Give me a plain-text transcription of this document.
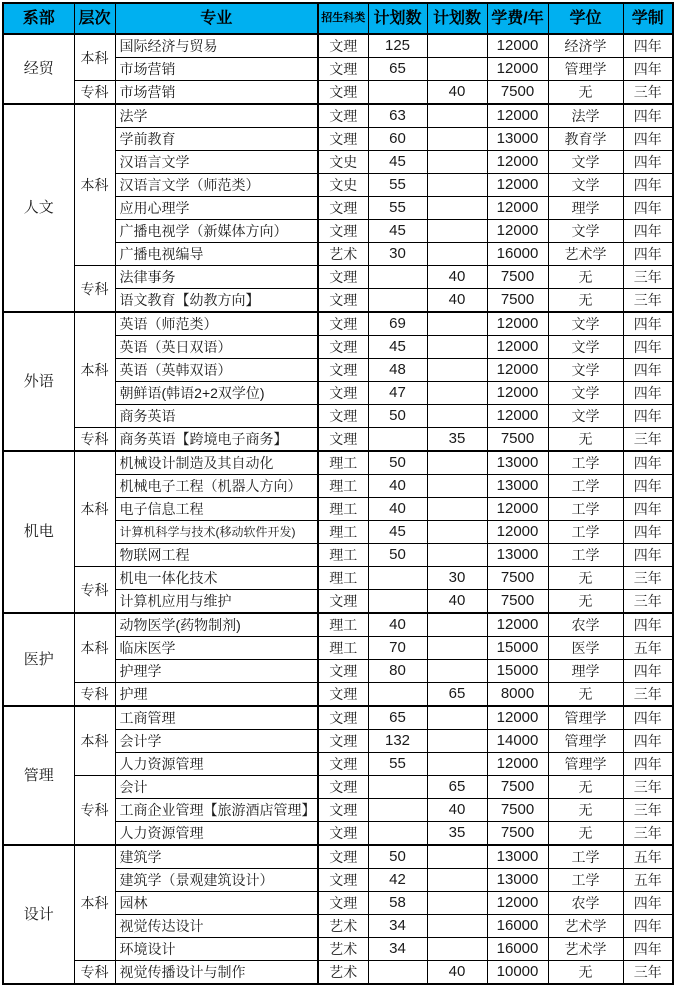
系部	层次	专业	招生科类	计划数	计划数	学费/年	学位	学制
经贸	本科	国际经济与贸易	文理	125		12000	经济学	四年
		市场营销	文理	65		12000	管理学	四年
	专科	市场营销	文理		40	7500	无	三年
人文	本科	法学	文理	63		12000	法学	四年
		学前教育	文理	60		13000	教育学	四年
		汉语言文学	文史	45		12000	文学	四年
		汉语言文学（师范类）	文史	55		12000	文学	四年
		应用心理学	文理	55		12000	理学	四年
		广播电视学（新媒体方向）	文理	45		12000	文学	四年
		广播电视编导	艺术	30		16000	艺术学	四年
	专科	法律事务	文理		40	7500	无	三年
		语文教育【幼教方向】	文理		40	7500	无	三年
外语	本科	英语（师范类）	文理	69		12000	文学	四年
		英语（英日双语）	文理	45		12000	文学	四年
		英语（英韩双语）	文理	48		12000	文学	四年
		朝鲜语(韩语2+2双学位)	文理	47		12000	文学	四年
		商务英语	文理	50		12000	文学	四年
	专科	商务英语【跨境电子商务】	文理		35	7500	无	三年
机电	本科	机械设计制造及其自动化	理工	50		13000	工学	四年
		机械电子工程（机器人方向）	理工	40		13000	工学	四年
		电子信息工程	理工	40		12000	工学	四年
		计算机科学与技术(移动软件开发)	理工	45		12000	工学	四年
		物联网工程	理工	50		13000	工学	四年
	专科	机电一体化技术	理工		30	7500	无	三年
		计算机应用与维护	文理		40	7500	无	三年
医护	本科	动物医学(药物制剂)	理工	40		12000	农学	四年
		临床医学	理工	70		15000	医学	五年
		护理学	文理	80		15000	理学	四年
	专科	护理	文理		65	8000	无	三年
管理	本科	工商管理	文理	65		12000	管理学	四年
		会计学	文理	132		14000	管理学	四年
		人力资源管理	文理	55		12000	管理学	四年
	专科	会计	文理		65	7500	无	三年
		工商企业管理【旅游酒店管理】	文理		40	7500	无	三年
		人力资源管理	文理		35	7500	无	三年
设计	本科	建筑学	文理	50		13000	工学	五年
		建筑学（景观建筑设计）	文理	42		13000	工学	五年
		园林	文理	58		12000	农学	四年
		视觉传达设计	艺术	34		16000	艺术学	四年
		环境设计	艺术	34		16000	艺术学	四年
	专科	视觉传播设计与制作	艺术		40	10000	无	三年
